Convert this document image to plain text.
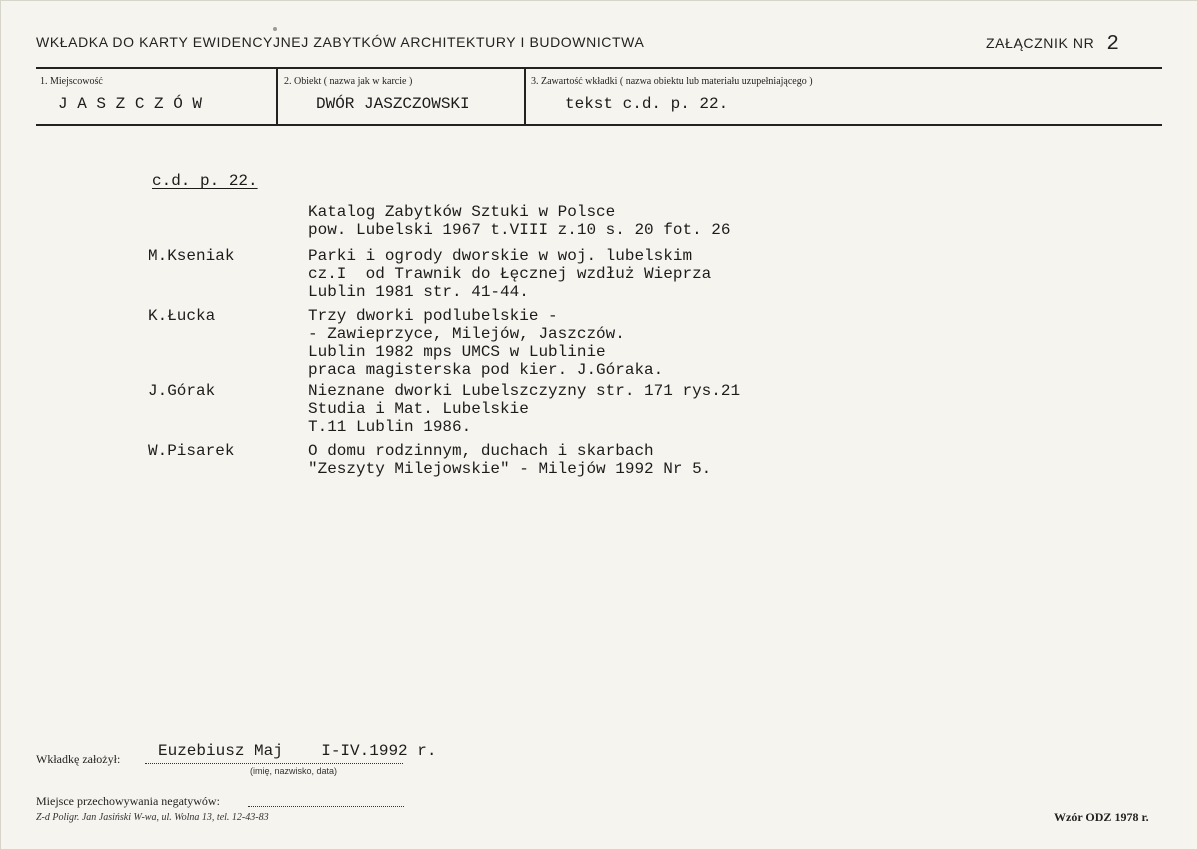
WKŁADKA DO KARTY EWIDENCYJNEJ ZABYTKÓW ARCHITEKTURY I BUDOWNICTWA	ZAŁĄCZNIK NR 2
1. Miejscowość
J A S Z C Z Ó W
2. Obiekt ( nazwa jak w karcie )
DWÓR JASZCZOWSKI
3. Zawartość wkładki ( nazwa obiektu lub materiału uzupełniającego )
tekst c.d. p. 22.
c.d. p. 22.
Katalog Zabytków Sztuki w Polsce
pow. Lubelski 1967 t.VIII z.10 s. 20 fot. 26
M.Kseniak	Parki i ogrody dworskie w woj. lubelskim
cz.I  od Trawnik do Łęcznej wzdłuż Wieprza
Lublin 1981 str. 41-44.
K.Łucka	Trzy dworki podlubelskie -
- Zawieprzyce, Milejów, Jaszczów.
Lublin 1982 mps UMCS w Lublinie
praca magisterska pod kier. J.Góraka.
J.Górak	Nieznane dworki Lubelszczyzny str. 171 rys.21
Studia i Mat. Lubelskie
T.11 Lublin 1986.
W.Pisarek	O domu rodzinnym, duchach i skarbach
"Zeszyty Milejowskie" - Milejów 1992 Nr 5.
Wkładkę założył: Euzebiusz Maj    I-IV.1992 r.
(imię, nazwisko, data)
Miejsce przechowywania negatywów:
Z-d Poligr. Jan Jasiński W-wa, ul. Wolna 13, tel. 12-43-83	Wzór ODZ 1978 r.
